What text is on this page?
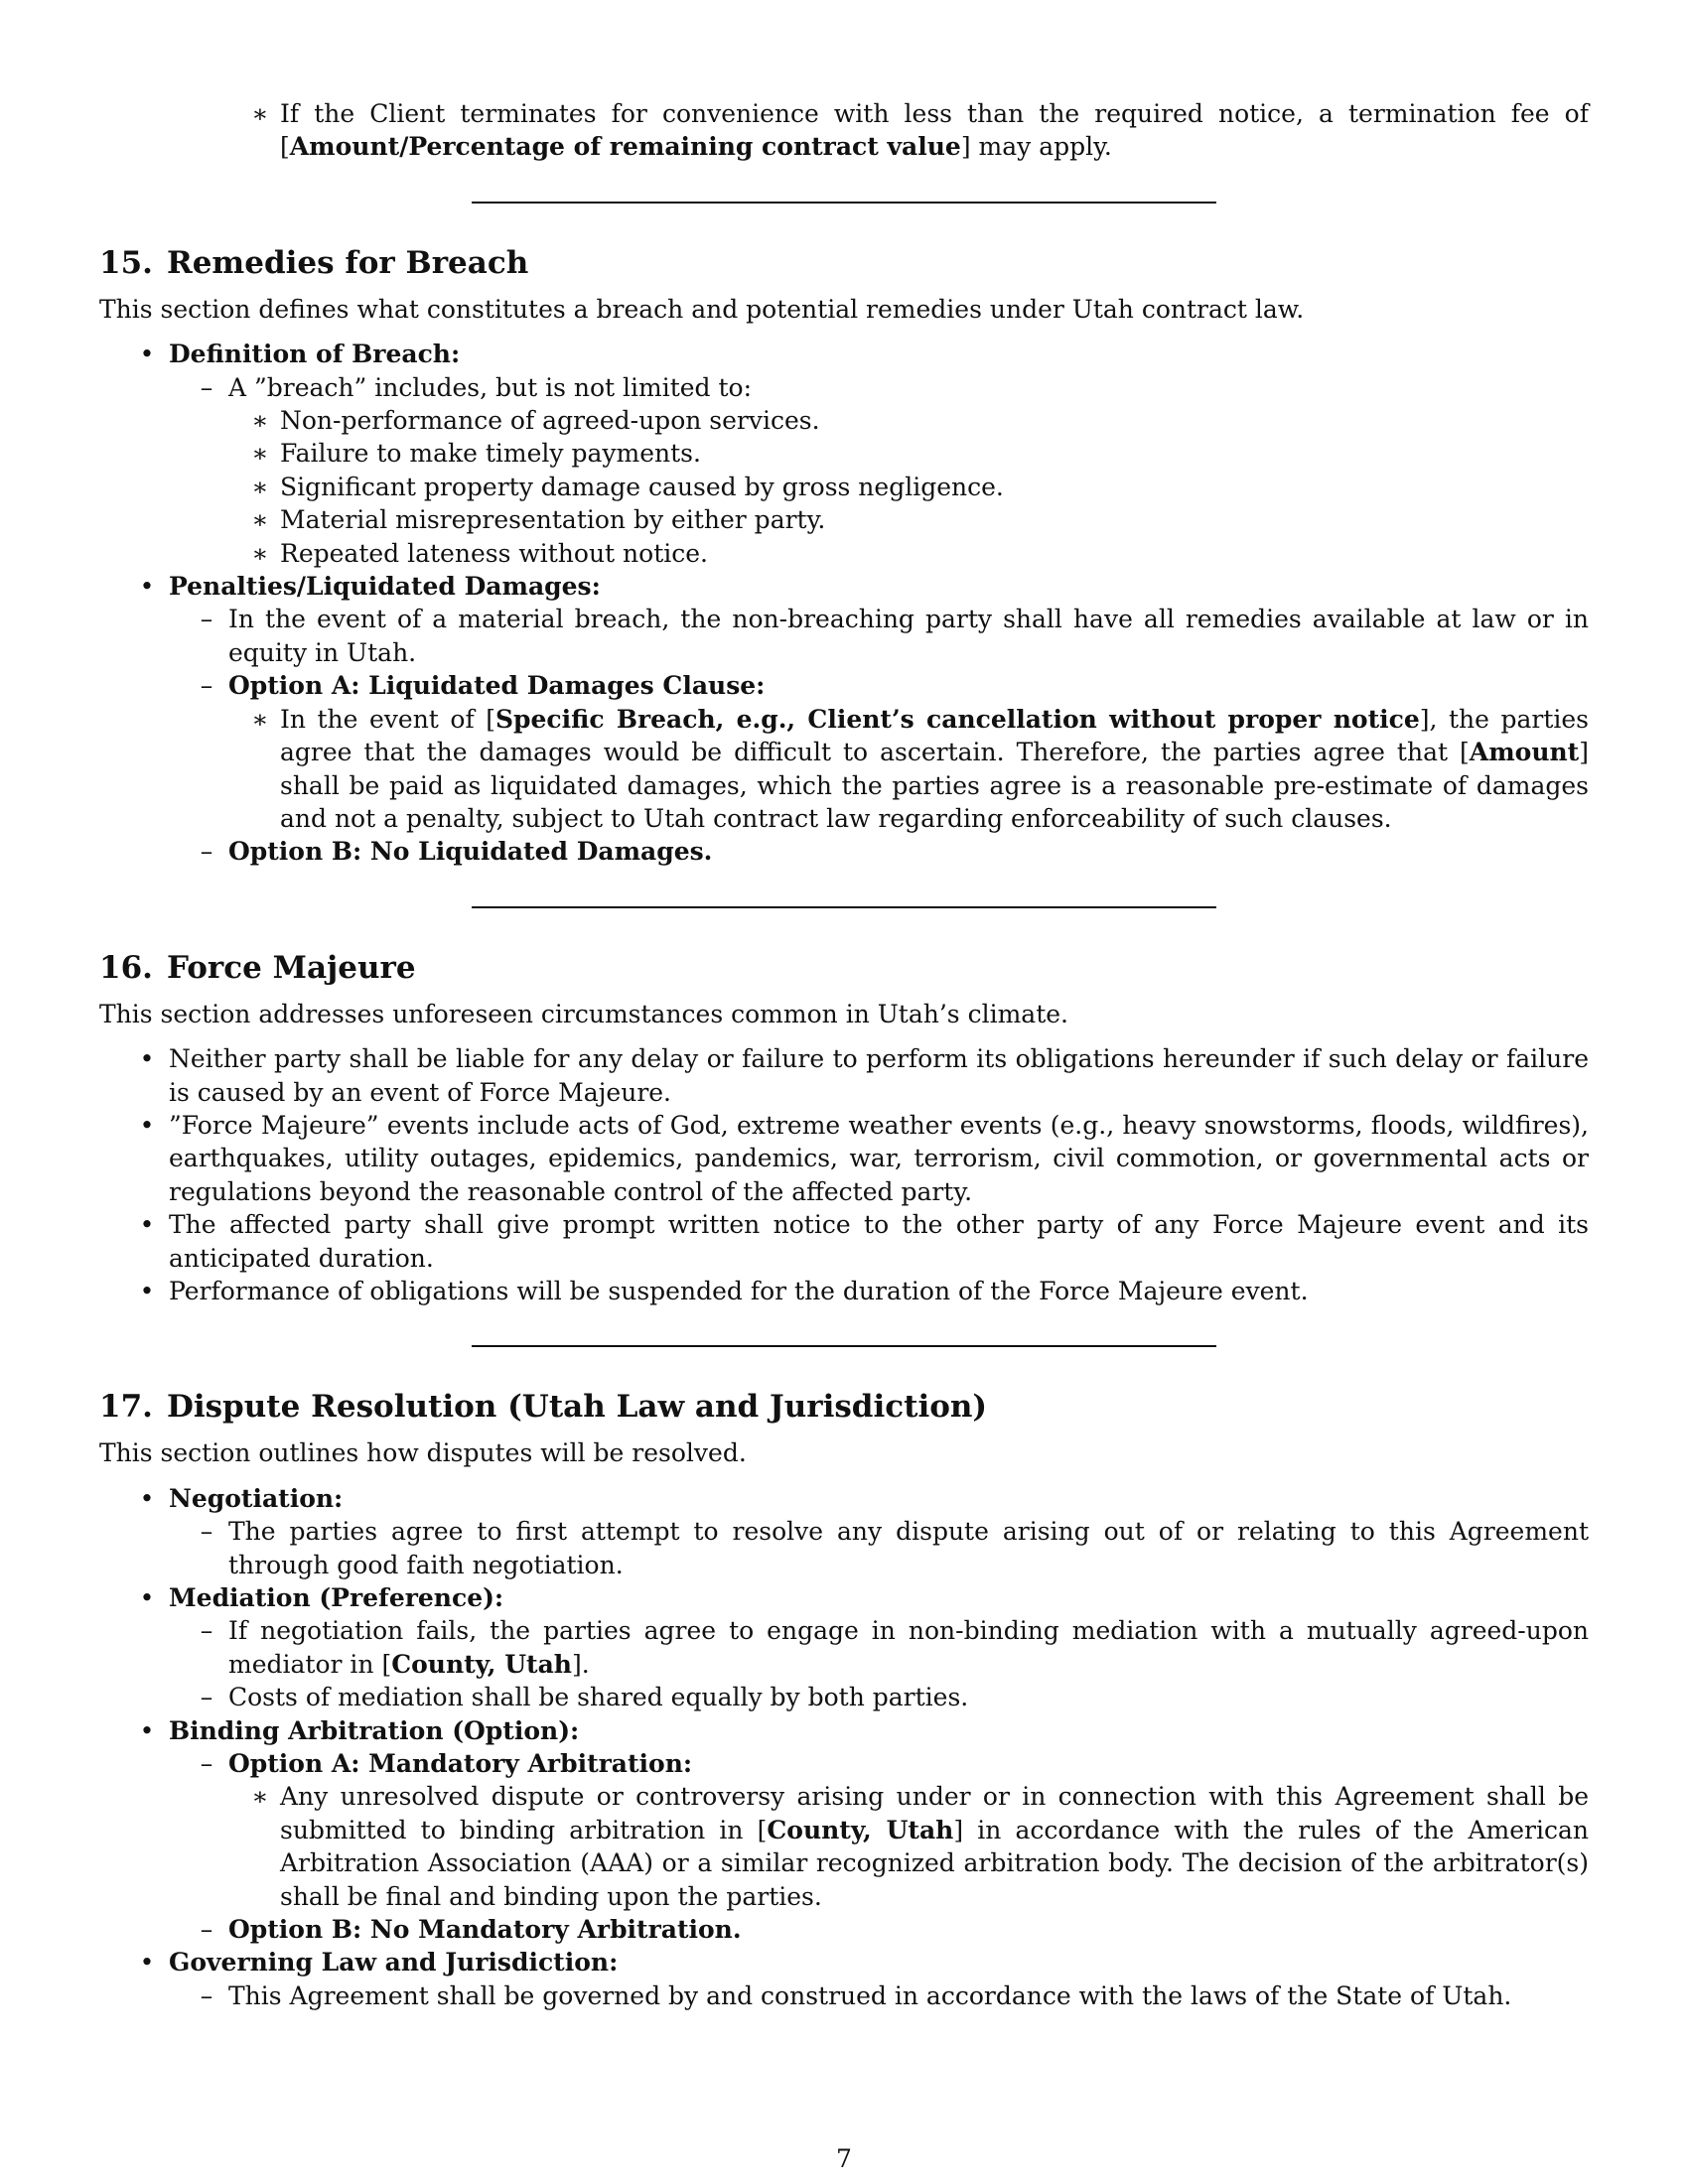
∗ If the Client terminates for convenience with less than the required notice, a termination fee of [Amount/Percentage of remaining contract value] may apply.

15. Remedies for Breach

This section defines what constitutes a breach and potential remedies under Utah contract law.

• Definition of Breach:

– A ”breach” includes, but is not limited to:

∗ Non-performance of agreed-upon services.

∗ Failure to make timely payments.

∗ Significant property damage caused by gross negligence.

∗ Material misrepresentation by either party.

∗ Repeated lateness without notice.

• Penalties/Liquidated Damages:

– In the event of a material breach, the non-breaching party shall have all remedies available at law or in equity in Utah.

– Option A: Liquidated Damages Clause:

∗ In the event of [Specific Breach, e.g., Client’s cancellation without proper notice], the parties agree that the damages would be difficult to ascertain. Therefore, the parties agree that [Amount] shall be paid as liquidated damages, which the parties agree is a reasonable pre-estimate of damages and not a penalty, subject to Utah contract law regarding enforceability of such clauses.

– Option B: No Liquidated Damages.

16. Force Majeure

This section addresses unforeseen circumstances common in Utah’s climate.

• Neither party shall be liable for any delay or failure to perform its obligations hereunder if such delay or failure is caused by an event of Force Majeure.

• ”Force Majeure” events include acts of God, extreme weather events (e.g., heavy snowstorms, floods, wildfires), earthquakes, utility outages, epidemics, pandemics, war, terrorism, civil commotion, or governmental acts or regulations beyond the reasonable control of the affected party.

• The affected party shall give prompt written notice to the other party of any Force Majeure event and its anticipated duration.

• Performance of obligations will be suspended for the duration of the Force Majeure event.

17. Dispute Resolution (Utah Law and Jurisdiction)

This section outlines how disputes will be resolved.

• Negotiation:

– The parties agree to first attempt to resolve any dispute arising out of or relating to this Agreement through good faith negotiation.

• Mediation (Preference):

– If negotiation fails, the parties agree to engage in non-binding mediation with a mutually agreed-upon mediator in [County, Utah].

– Costs of mediation shall be shared equally by both parties.

• Binding Arbitration (Option):

– Option A: Mandatory Arbitration:

∗ Any unresolved dispute or controversy arising under or in connection with this Agreement shall be submitted to binding arbitration in [County, Utah] in accordance with the rules of the American Arbitration Association (AAA) or a similar recognized arbitration body. The decision of the arbitrator(s) shall be final and binding upon the parties.

– Option B: No Mandatory Arbitration.

• Governing Law and Jurisdiction:

– This Agreement shall be governed by and construed in accordance with the laws of the State of Utah.

7
